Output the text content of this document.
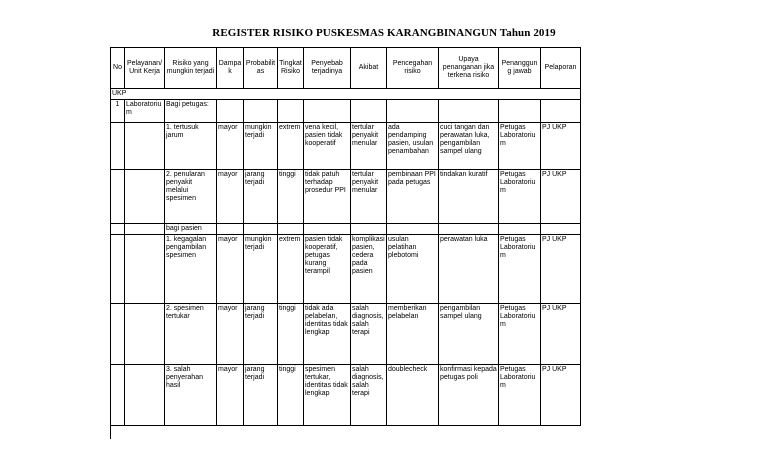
REGISTER RISIKO PUSKESMAS KARANGBINANGUN Tahun 2019
No	Pelayanan/Unit Kerja	Risiko yang mungkin terjadi	Dampak	Probabilitas	Tingkat Risiko	Penyebab terjadinya	Akibat	Pencegahan risiko	Upaya penanganan jika terkena risiko	Penanggung jawab	Pelaporan
UKP											
1	Laboratorium	Bagi petugas:									
		1. tertusuk jarum	mayor	mungkin terjadi	extrem	vena kecil, pasien tidak kooperatif	tertular penyakit menular	ada pendamping pasien, usulan penambahan	cuci tangan dan perawatan luka, pengambilan sampel ulang	Petugas Laboratorium	PJ UKP
		2. penularan penyakit melalui spesimen	mayor	jarang terjadi	tinggi	tidak patuh terhadap prosedur PPI	tertular penyakit menular	pembinaan PPI pada petugas	tindakan kuratif	Petugas Laboratorium	PJ UKP
		bagi pasien									
		1. kegagalan pengambilan spesimen	mayor	mungkin terjadi	extrem	pasien tidak kooperatif, petugas kurang terampil	komplikasi pasien, cedera pada pasien	usulan pelatihan plebotomi	perawatan luka	Petugas Laboratorium	PJ UKP
		2. spesimen tertukar	mayor	jarang terjadi	tinggi	tidak ada pelabelan, identitas tidak lengkap	salah diagnosis, salah terapi	memberikan pelabelan	pengambilan sampel ulang	Petugas Laboratorium	PJ UKP
		3. salah penyerahan hasil	mayor	jarang terjadi	tinggi	spesimen tertukar, identitas tidak lengkap	salah diagnosis, salah terapi	doublecheck	konfirmasi kepada petugas poli	Petugas Laboratorium	PJ UKP
